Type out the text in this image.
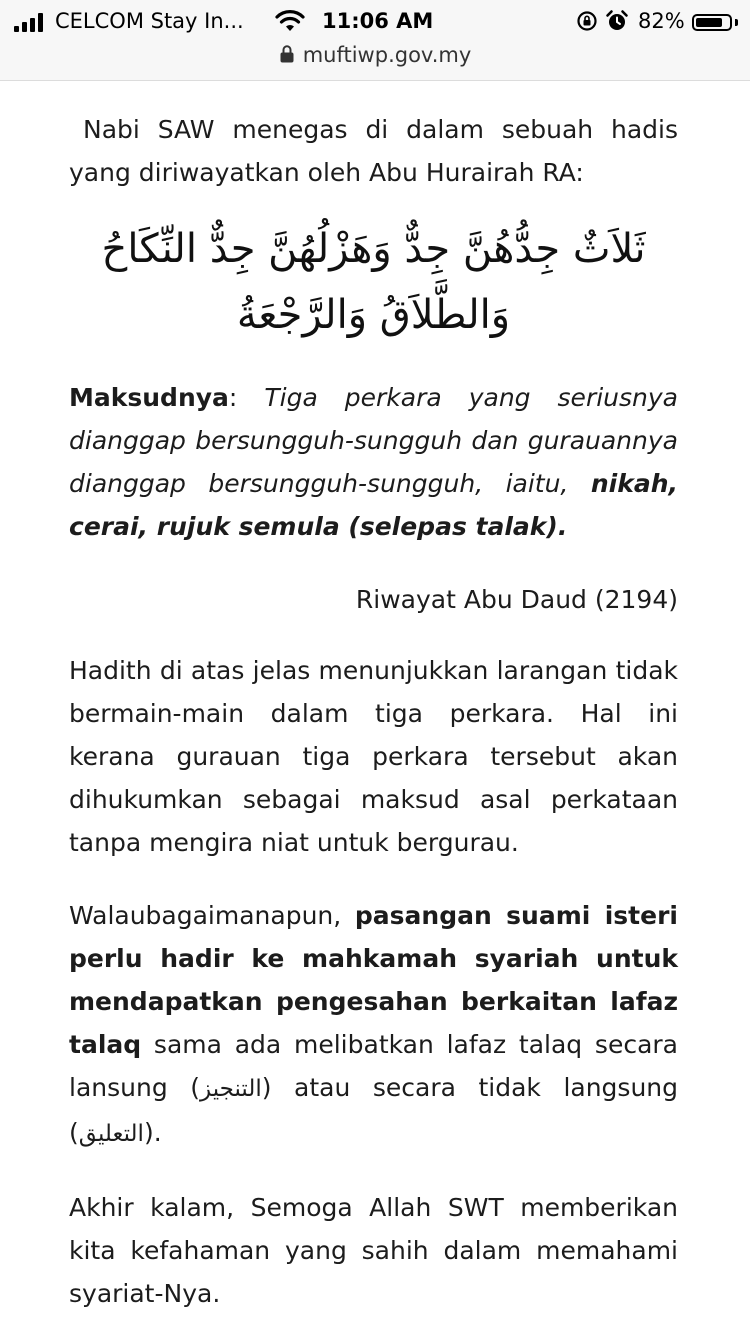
CELCOM Stay In...	11:06 AM	82%
muftiwp.gov.my

Nabi SAW menegas di dalam sebuah hadis yang diriwayatkan oleh Abu Hurairah RA:

ثَلاَثٌ جِدُّهُنَّ جِدٌّ وَهَزْلُهُنَّ جِدٌّ النِّكَاحُ وَالطَّلاَقُ وَالرَّجْعَةُ

Maksudnya: Tiga perkara yang seriusnya dianggap bersungguh-sungguh dan gurauannya dianggap bersungguh-sungguh, iaitu, nikah, cerai, rujuk semula (selepas talak).

Riwayat Abu Daud (2194)

Hadith di atas jelas menunjukkan larangan tidak bermain-main dalam tiga perkara. Hal ini kerana gurauan tiga perkara tersebut akan dihukumkan sebagai maksud asal perkataan tanpa mengira niat untuk bergurau.

Walaubagaimanapun, pasangan suami isteri perlu hadir ke mahkamah syariah untuk mendapatkan pengesahan berkaitan lafaz talaq sama ada melibatkan lafaz talaq secara lansung (التنجيز) atau secara tidak langsung (التعليق).

Akhir kalam, Semoga Allah SWT memberikan kita kefahaman yang sahih dalam memahami syariat-Nya.
